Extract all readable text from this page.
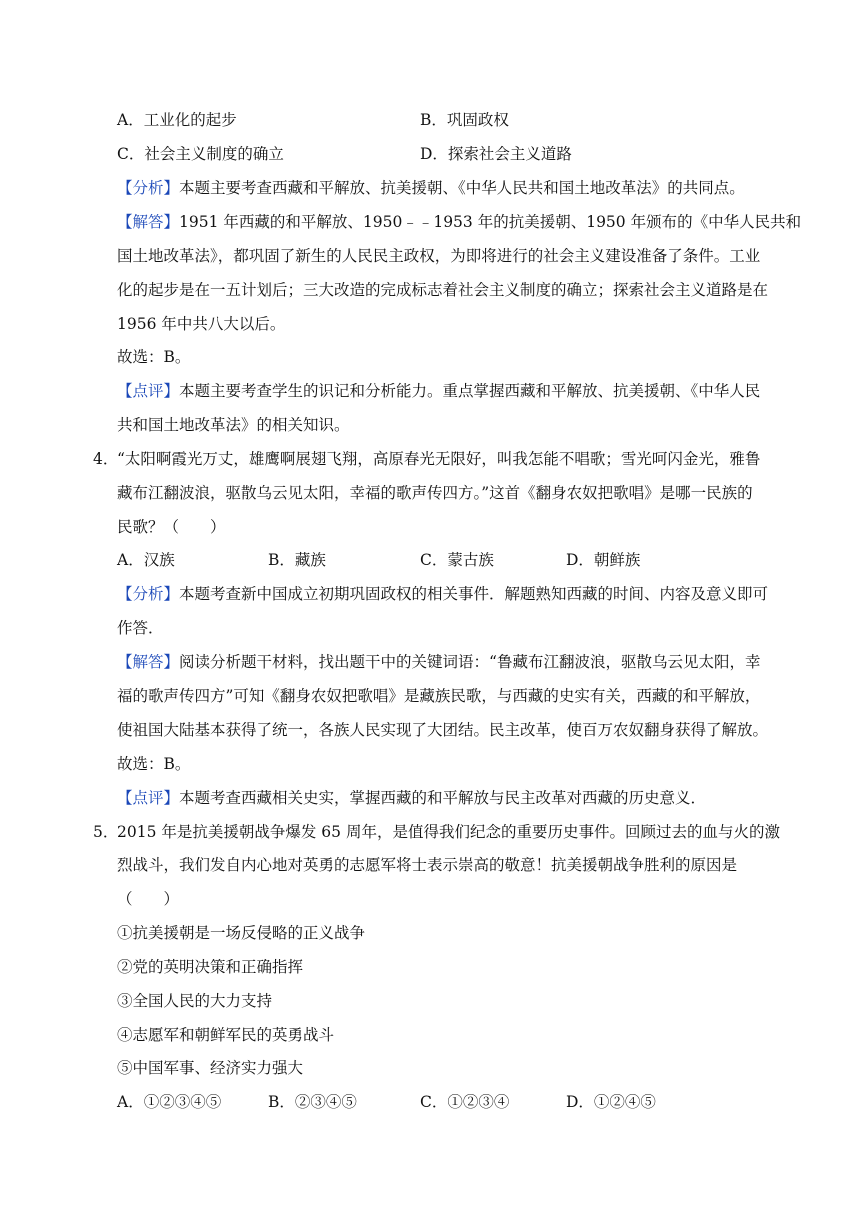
A．工业化的起步	B．巩固政权
C．社会主义制度的确立	D．探索社会主义道路
【分析】本题主要考查西藏和平解放、抗美援朝、《中华人民共和国土地改革法》的共同点。
【解答】1951 年西藏的和平解放、1950﹣﹣1953 年的抗美援朝、1950 年颁布的《中华人民共和
国土地改革法》，都巩固了新生的人民民主政权，为即将进行的社会主义建设准备了条件。工业
化的起步是在一五计划后；三大改造的完成标志着社会主义制度的确立；探索社会主义道路是在
1956 年中共八大以后。
故选：B。
【点评】本题主要考查学生的识记和分析能力。重点掌握西藏和平解放、抗美援朝、《中华人民
共和国土地改革法》的相关知识。
4．
“太阳啊霞光万丈，雄鹰啊展翅飞翔，高原春光无限好，叫我怎能不唱歌；雪光呵闪金光，雅鲁
藏布江翻波浪，驱散乌云见太阳，幸福的歌声传四方。”这首《翻身农奴把歌唱》是哪一民族的
民歌？（　　）
A．汉族	B．藏族	C．蒙古族	D．朝鲜族
【分析】本题考查新中国成立初期巩固政权的相关事件．解题熟知西藏的时间、内容及意义即可
作答．
【解答】阅读分析题干材料，找出题干中的关键词语：“鲁藏布江翻波浪，驱散乌云见太阳，幸
福的歌声传四方”可知《翻身农奴把歌唱》是藏族民歌，与西藏的史实有关，西藏的和平解放，
使祖国大陆基本获得了统一，各族人民实现了大团结。民主改革，使百万农奴翻身获得了解放。
故选：B。
【点评】本题考查西藏相关史实，掌握西藏的和平解放与民主改革对西藏的历史意义．
5．
2015 年是抗美援朝战争爆发 65 周年，是值得我们纪念的重要历史事件。回顾过去的血与火的激
烈战斗，我们发自内心地对英勇的志愿军将士表示崇高的敬意！抗美援朝战争胜利的原因是
（　　）
①抗美援朝是一场反侵略的正义战争
②党的英明决策和正确指挥
③全国人民的大力支持
④志愿军和朝鲜军民的英勇战斗
⑤中国军事、经济实力强大
A．①②③④⑤	B．②③④⑤	C．①②③④	D．①②④⑤
